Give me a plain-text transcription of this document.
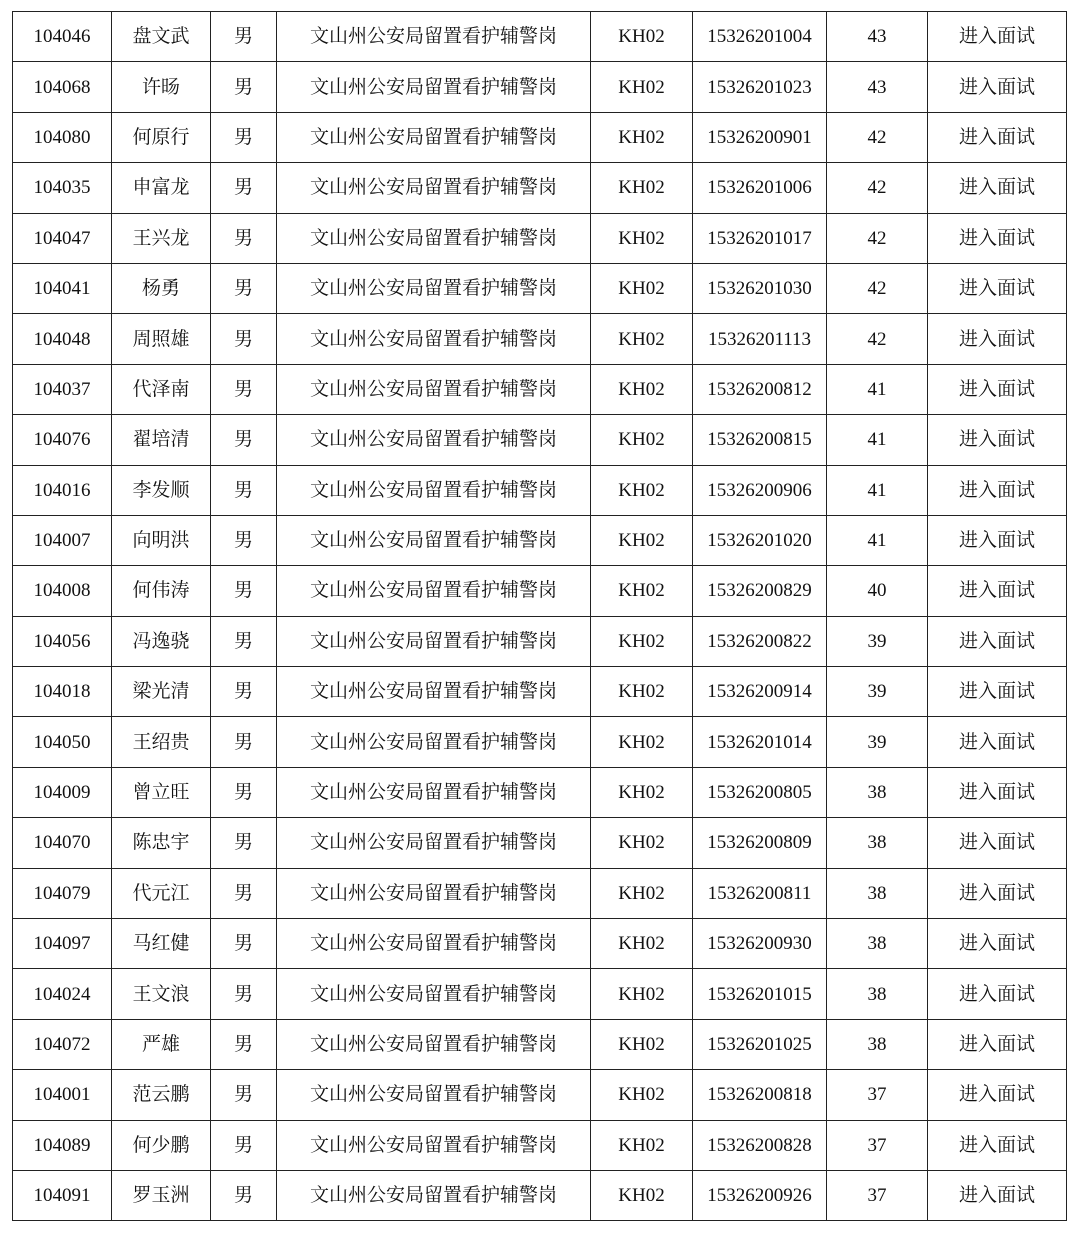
104046	盘文武	男	文山州公安局留置看护辅警岗	KH02	15326201004	43	进入面试
104068	许旸	男	文山州公安局留置看护辅警岗	KH02	15326201023	43	进入面试
104080	何原行	男	文山州公安局留置看护辅警岗	KH02	15326200901	42	进入面试
104035	申富龙	男	文山州公安局留置看护辅警岗	KH02	15326201006	42	进入面试
104047	王兴龙	男	文山州公安局留置看护辅警岗	KH02	15326201017	42	进入面试
104041	杨勇	男	文山州公安局留置看护辅警岗	KH02	15326201030	42	进入面试
104048	周照雄	男	文山州公安局留置看护辅警岗	KH02	15326201113	42	进入面试
104037	代泽南	男	文山州公安局留置看护辅警岗	KH02	15326200812	41	进入面试
104076	翟培清	男	文山州公安局留置看护辅警岗	KH02	15326200815	41	进入面试
104016	李发顺	男	文山州公安局留置看护辅警岗	KH02	15326200906	41	进入面试
104007	向明洪	男	文山州公安局留置看护辅警岗	KH02	15326201020	41	进入面试
104008	何伟涛	男	文山州公安局留置看护辅警岗	KH02	15326200829	40	进入面试
104056	冯逸骁	男	文山州公安局留置看护辅警岗	KH02	15326200822	39	进入面试
104018	梁光清	男	文山州公安局留置看护辅警岗	KH02	15326200914	39	进入面试
104050	王绍贵	男	文山州公安局留置看护辅警岗	KH02	15326201014	39	进入面试
104009	曾立旺	男	文山州公安局留置看护辅警岗	KH02	15326200805	38	进入面试
104070	陈忠宇	男	文山州公安局留置看护辅警岗	KH02	15326200809	38	进入面试
104079	代元江	男	文山州公安局留置看护辅警岗	KH02	15326200811	38	进入面试
104097	马红健	男	文山州公安局留置看护辅警岗	KH02	15326200930	38	进入面试
104024	王文浪	男	文山州公安局留置看护辅警岗	KH02	15326201015	38	进入面试
104072	严雄	男	文山州公安局留置看护辅警岗	KH02	15326201025	38	进入面试
104001	范云鹏	男	文山州公安局留置看护辅警岗	KH02	15326200818	37	进入面试
104089	何少鹏	男	文山州公安局留置看护辅警岗	KH02	15326200828	37	进入面试
104091	罗玉洲	男	文山州公安局留置看护辅警岗	KH02	15326200926	37	进入面试
